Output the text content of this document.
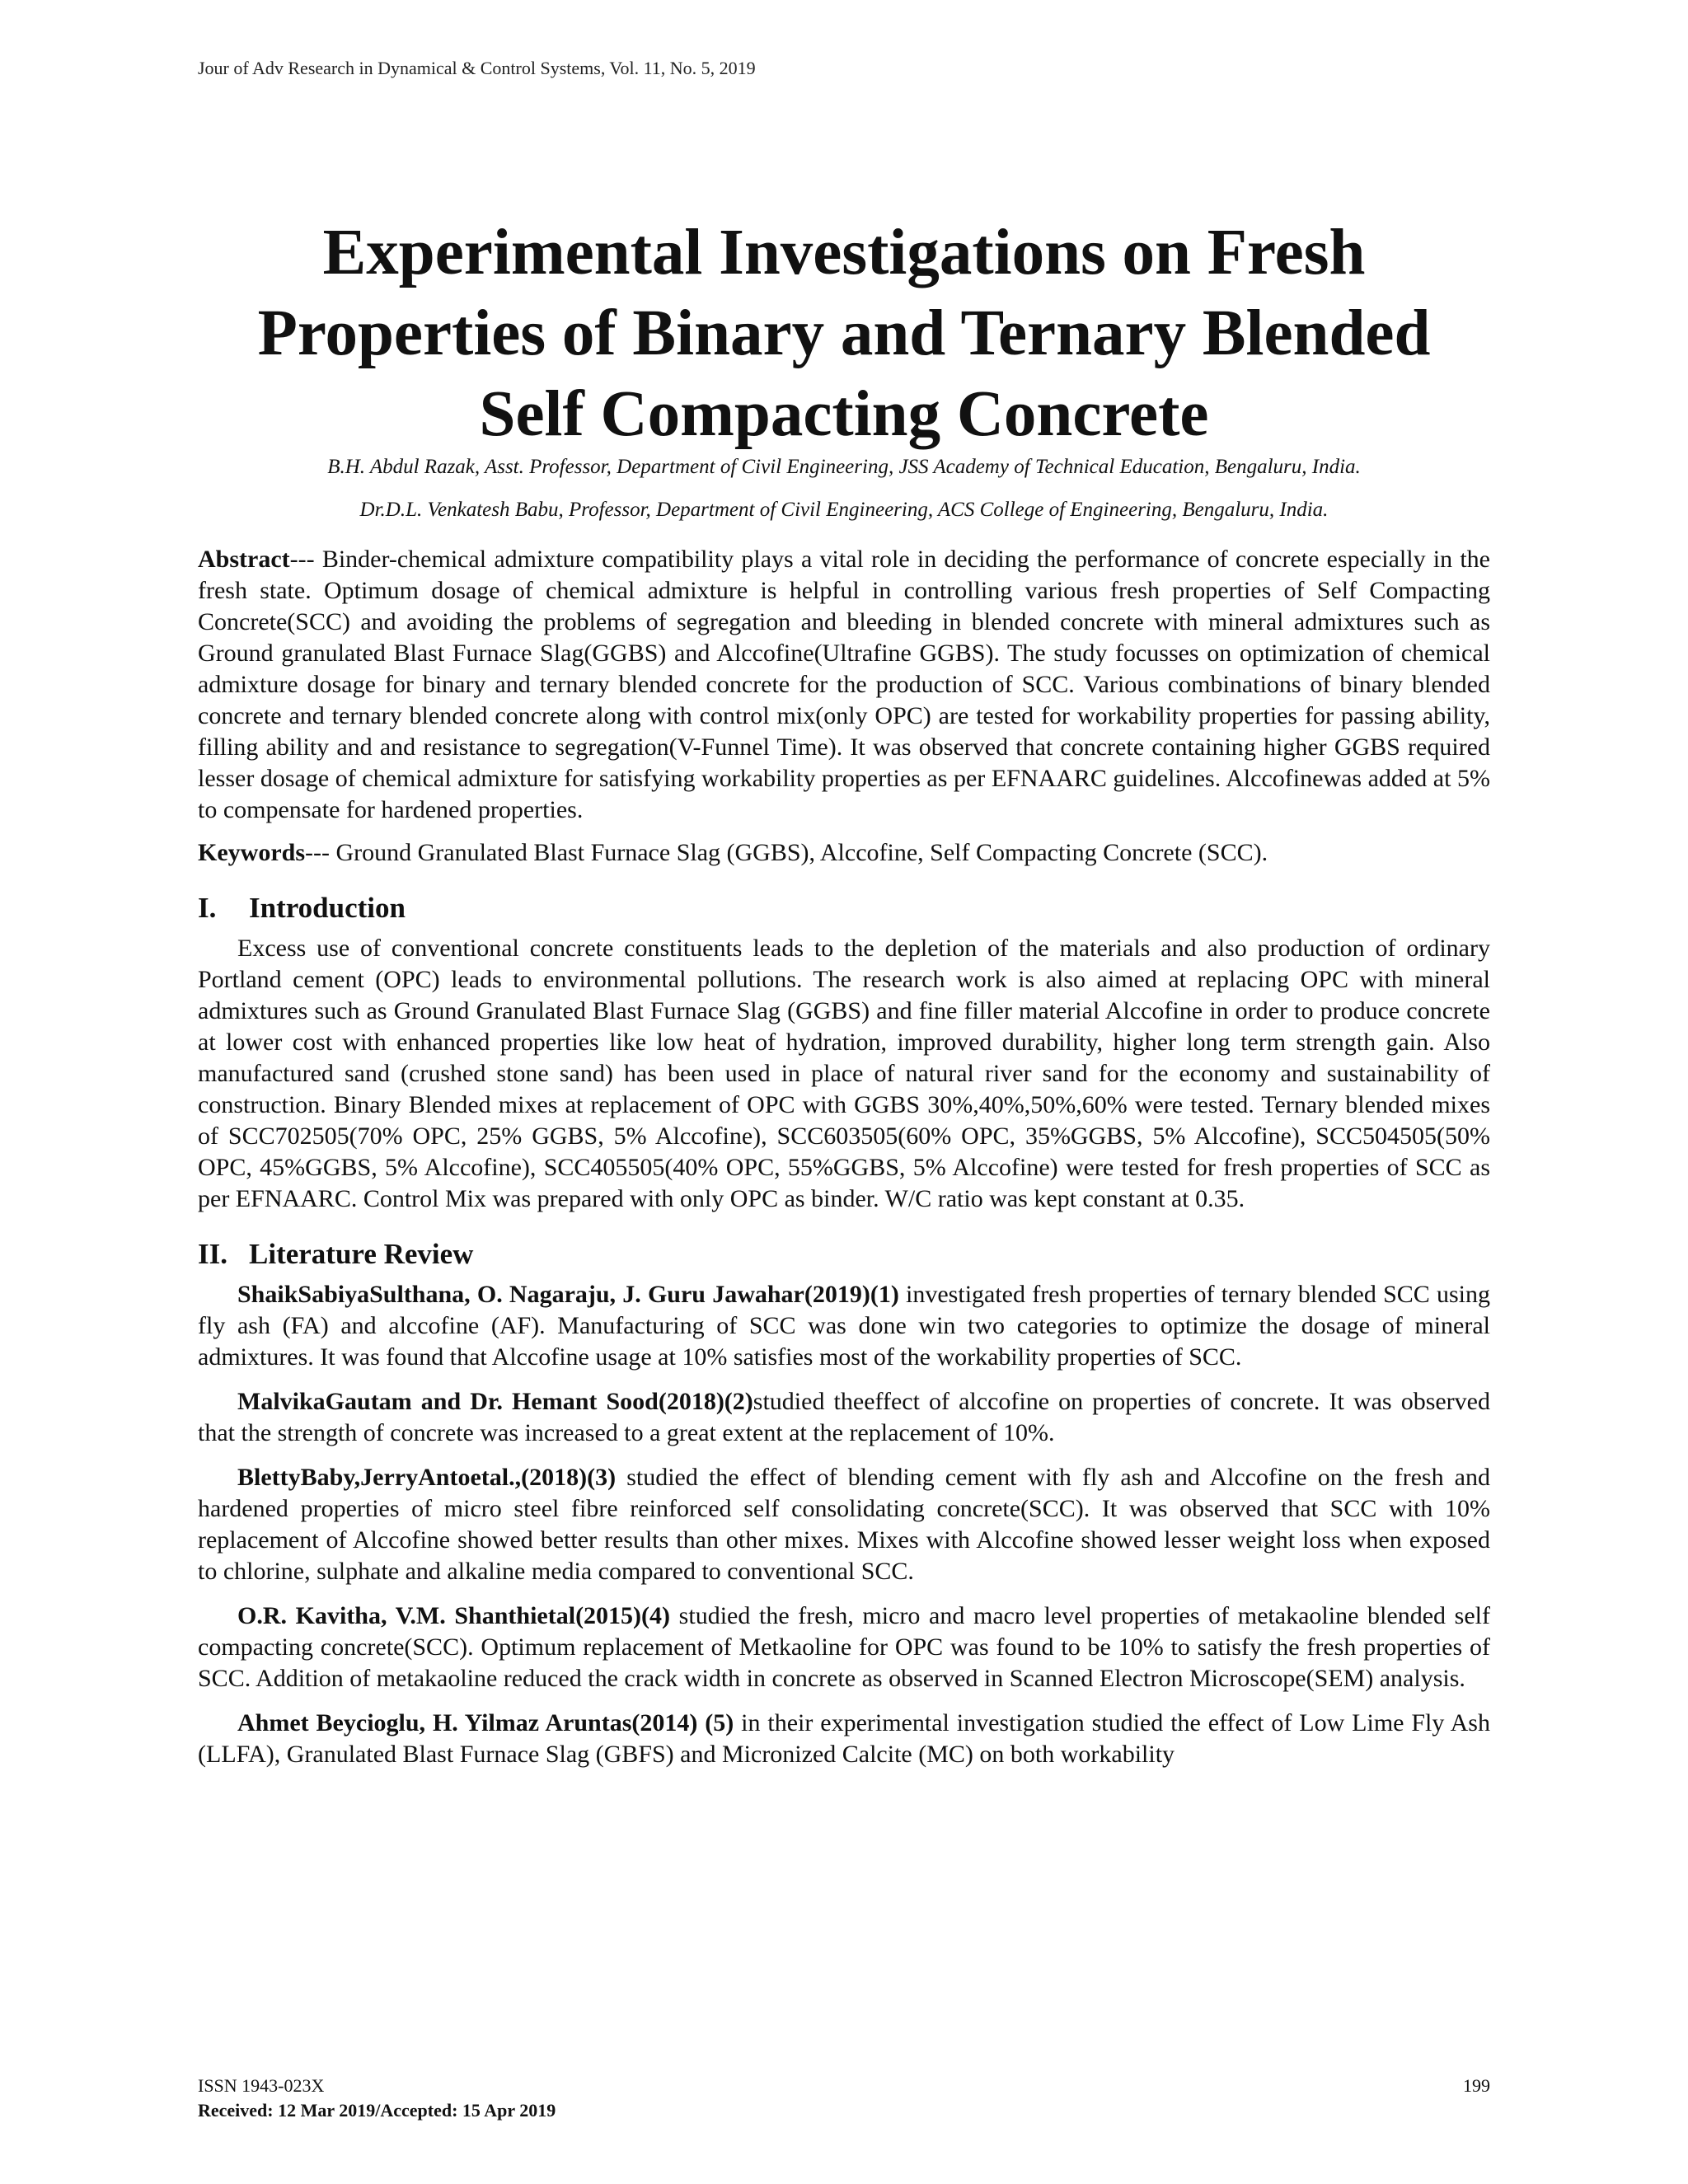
Jour of Adv Research in Dynamical & Control Systems, Vol. 11, No. 5, 2019
Experimental Investigations on Fresh
Properties of Binary and Ternary Blended
Self Compacting Concrete

B.H. Abdul Razak, Asst. Professor, Department of Civil Engineering, JSS Academy of Technical Education, Bengaluru, India.

Dr.D.L. Venkatesh Babu, Professor, Department of Civil Engineering, ACS College of Engineering, Bengaluru, India.

Abstract--- Binder-chemical admixture compatibility plays a vital role in deciding the performance of concrete especially in the fresh state. Optimum dosage of chemical admixture is helpful in controlling various fresh properties of Self Compacting Concrete(SCC) and avoiding the problems of segregation and bleeding in blended concrete with mineral admixtures such as Ground granulated Blast Furnace Slag(GGBS) and Alccofine(Ultrafine GGBS). The study focusses on optimization of chemical admixture dosage for binary and ternary blended concrete for the production of SCC. Various combinations of binary blended concrete and ternary blended concrete along with control mix(only OPC) are tested for workability properties for passing ability, filling ability and and resistance to segregation(V-Funnel Time). It was observed that concrete containing higher GGBS required lesser dosage of chemical admixture for satisfying workability properties as per EFNAARC guidelines. Alccofinewas added at 5% to compensate for hardened properties.

Keywords--- Ground Granulated Blast Furnace Slag (GGBS), Alccofine, Self Compacting Concrete (SCC).

I. Introduction

Excess use of conventional concrete constituents leads to the depletion of the materials and also production of ordinary Portland cement (OPC) leads to environmental pollutions. The research work is also aimed at replacing OPC with mineral admixtures such as Ground Granulated Blast Furnace Slag (GGBS) and fine filler material Alccofine in order to produce concrete at lower cost with enhanced properties like low heat of hydration, improved durability, higher long term strength gain. Also manufactured sand (crushed stone sand) has been used in place of natural river sand for the economy and sustainability of construction. Binary Blended mixes at replacement of OPC with GGBS 30%,40%,50%,60% were tested. Ternary blended mixes of SCC702505(70% OPC, 25% GGBS, 5% Alccofine), SCC603505(60% OPC, 35%GGBS, 5% Alccofine), SCC504505(50% OPC, 45%GGBS, 5% Alccofine), SCC405505(40% OPC, 55%GGBS, 5% Alccofine) were tested for fresh properties of SCC as per EFNAARC. Control Mix was prepared with only OPC as binder. W/C ratio was kept constant at 0.35.

II. Literature Review

ShaikSabiyaSulthana, O. Nagaraju, J. Guru Jawahar(2019)(1) investigated fresh properties of ternary blended SCC using fly ash (FA) and alccofine (AF). Manufacturing of SCC was done win two categories to optimize the dosage of mineral admixtures. It was found that Alccofine usage at 10% satisfies most of the workability properties of SCC.

MalvikaGautam and Dr. Hemant Sood(2018)(2)studied theeffect of alccofine on properties of concrete. It was observed that the strength of concrete was increased to a great extent at the replacement of 10%.

BlettyBaby,JerryAntoetal.,(2018)(3) studied the effect of blending cement with fly ash and Alccofine on the fresh and hardened properties of micro steel fibre reinforced self consolidating concrete(SCC). It was observed that SCC with 10% replacement of Alccofine showed better results than other mixes. Mixes with Alccofine showed lesser weight loss when exposed to chlorine, sulphate and alkaline media compared to conventional SCC.

O.R. Kavitha, V.M. Shanthietal(2015)(4) studied the fresh, micro and macro level properties of metakaoline blended self compacting concrete(SCC). Optimum replacement of Metkaoline for OPC was found to be 10% to satisfy the fresh properties of SCC. Addition of metakaoline reduced the crack width in concrete as observed in Scanned Electron Microscope(SEM) analysis.

Ahmet Beycioglu, H. Yilmaz Aruntas(2014) (5) in their experimental investigation studied the effect of Low Lime Fly Ash (LLFA), Granulated Blast Furnace Slag (GBFS) and Micronized Calcite (MC) on both workability

ISSN 1943-023X	199
Received: 12 Mar 2019/Accepted: 15 Apr 2019
